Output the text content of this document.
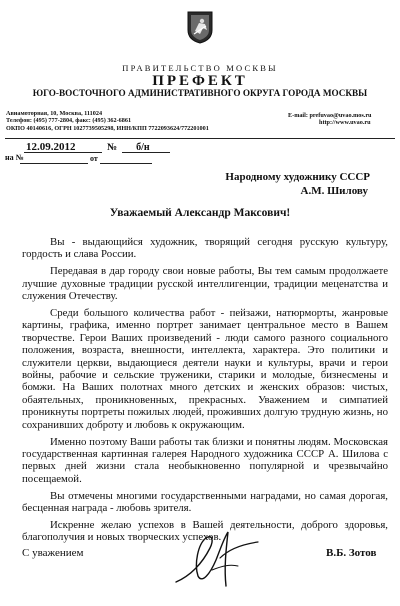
ПРАВИТЕЛЬСТВО МОСКВЫ
ПРЕФЕКТ
ЮГО-ВОСТОЧНОГО АДМИНИСТРАТИВНОГО ОКРУГА ГОРОДА МОСКВЫ
Авиамоторная, 10, Москва, 111024
Телефон: (495) 777-2804, факс: (495) 362-6861
ОКПО 40140616, ОГРН 1027739505298, ИНН/КПП 7722093624/772201001
E-mail: prefuvao@uvao.mos.ru
http://www.uvao.ru
12.09.2012	№ б/н
на №	от
Народному художнику СССР
А.М. Шилову
Уважаемый Александр Максович!

Вы - выдающийся художник, творящий сегодня русскую культуру, гордость и слава России.

Передавая в дар городу свои новые работы, Вы тем самым продолжаете лучшие духовные традиции русской интеллигенции, традиции меценатства и служения Отечеству.

Среди большого количества работ - пейзажи, натюрморты, жанровые картины, графика, именно портрет занимает центральное место в Вашем творчестве. Герои Ваших произведений - люди самого разного социального положения, возраста, внешности, интеллекта, характера. Это политики и служители церкви, выдающиеся деятели науки и культуры, врачи и герои войны, рабочие и сельские труженики, старики и молодые, бизнесмены и бомжи. На Ваших полотнах много детских и женских образов: чистых, обаятельных, проникновенных, прекрасных. Уважением и симпатией проникнуты портреты пожилых людей, проживших долгую трудную жизнь, но сохранивших доброту и любовь к окружающим.

Именно поэтому Ваши работы так близки и понятны людям. Московская государственная картинная галерея Народного художника СССР А. Шилова с первых дней жизни стала необыкновенно популярной и чрезвычайно посещаемой.

Вы отмечены многими государственными наградами, но самая дорогая, бесценная награда - любовь зрителя.

Искренне желаю успехов в Вашей деятельности, доброго здоровья, благополучия и новых творческих успехов.

С уважением	В.Б. Зотов
